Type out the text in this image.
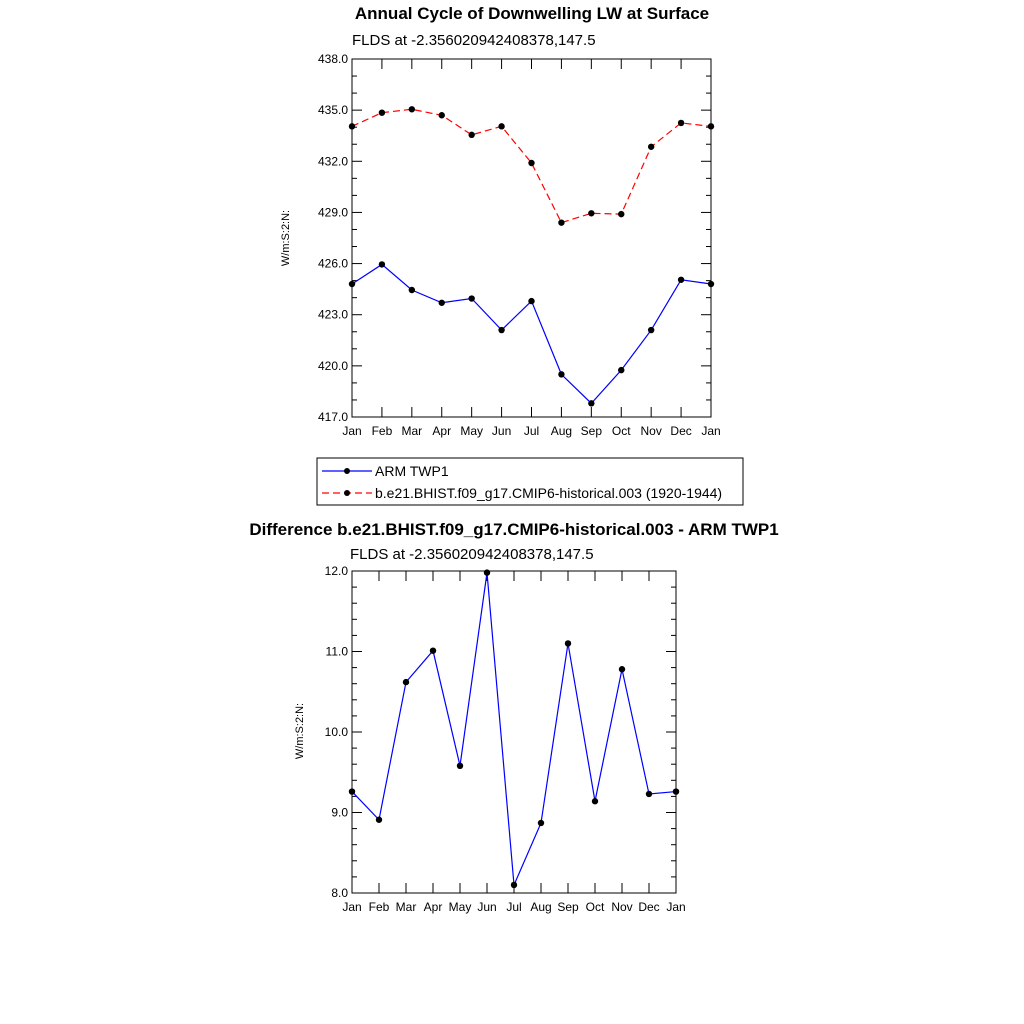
Annual Cycle of Downwelling LW at Surface
FLDS at -2.356020942408378,147.5
W/m:S:2:N:
417.0
420.0
423.0
426.0
429.0
432.0
435.0
438.0
Jan Feb Mar Apr May Jun Jul Aug Sep Oct Nov Dec Jan
ARM TWP1
b.e21.BHIST.f09_g17.CMIP6-historical.003 (1920-1944)
Difference b.e21.BHIST.f09_g17.CMIP6-historical.003 - ARM TWP1
FLDS at -2.356020942408378,147.5
W/m:S:2:N:
8.0
9.0
10.0
11.0
12.0
Jan Feb Mar Apr May Jun Jul Aug Sep Oct Nov Dec Jan
